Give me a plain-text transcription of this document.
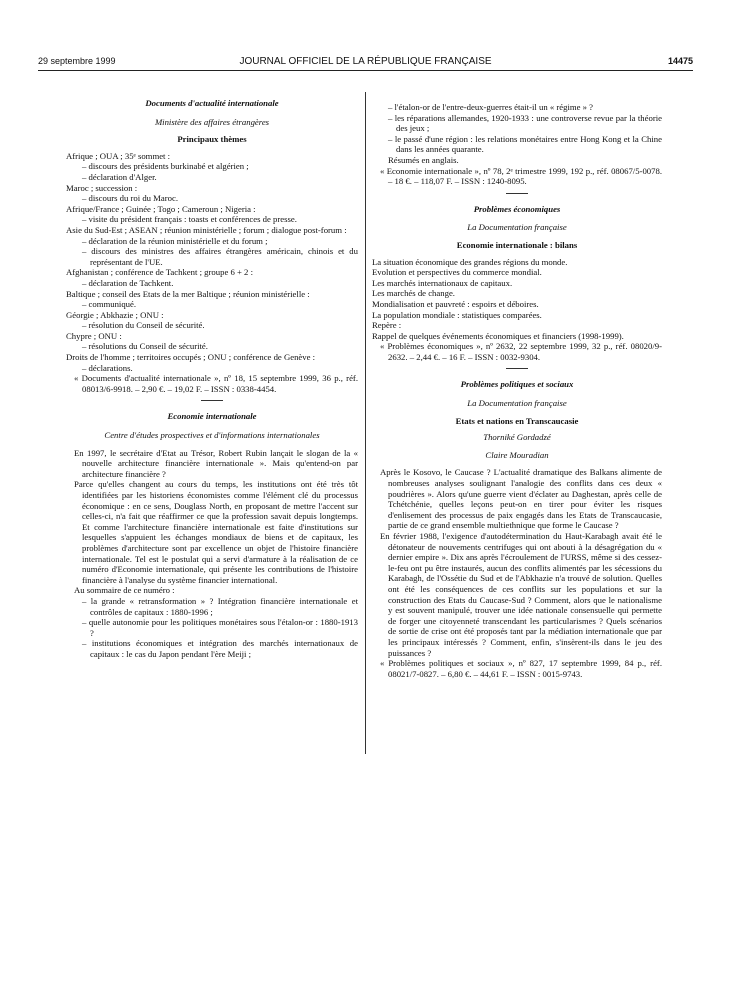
29 septembre 1999	JOURNAL OFFICIEL DE LA RÉPUBLIQUE FRANÇAISE	14475
Documents d'actualité internationale
Ministère des affaires étrangères
Principaux thèmes
Afrique ; OUA ; 35ᵉ sommet :
– discours des présidents burkinabé et algérien ;
– déclaration d'Alger.
Maroc ; succession :
– discours du roi du Maroc.
Afrique/France ; Guinée ; Togo ; Cameroun ; Nigeria :
– visite du président français : toasts et conférences de presse.
Asie du Sud-Est ; ASEAN ; réunion ministérielle ; forum ; dialogue post-forum :
– déclaration de la réunion ministérielle et du forum ;
– discours des ministres des affaires étrangères américain, chinois et du représentant de l'UE.
Afghanistan ; conférence de Tachkent ; groupe 6 + 2 :
– déclaration de Tachkent.
Baltique ; conseil des Etats de la mer Baltique ; réunion ministérielle :
– communiqué.
Géorgie ; Abkhazie ; ONU :
– résolution du Conseil de sécurité.
Chypre ; ONU :
– résolutions du Conseil de sécurité.
Droits de l'homme ; territoires occupés ; ONU ; conférence de Genève :
– déclarations.
« Documents d'actualité internationale », nº 18, 15 septembre 1999, 36 p., réf. 08013/6-9918. – 2,90 €. – 19,02 F. – ISSN : 0338-4454.
Economie internationale
Centre d'études prospectives et d'informations internationales
En 1997, le secrétaire d'Etat au Trésor, Robert Rubin lançait le slogan de la « nouvelle architecture financière internationale ». Mais qu'entend-on par architecture financière ?
Parce qu'elles changent au cours du temps, les institutions ont été très tôt identifiées par les historiens économistes comme l'élément clé du processus économique : en ce sens, Douglass North, en proposant de mettre l'accent sur celles-ci, n'a fait que réaffirmer ce que la profession savait depuis longtemps. Et comme l'architecture financière internationale est faite d'institutions sur lesquelles s'appuient les échanges mondiaux de biens et de capitaux, les problèmes d'architecture sont par excellence un objet de l'histoire financière internationale. Tel est le postulat qui a servi d'armature à la réalisation de ce numéro d'Economie internationale, qui présente les contributions de l'histoire financière à l'analyse du système financier international.
Au sommaire de ce numéro :
– la grande « retransformation » ? Intégration financière internationale et contrôles de capitaux : 1880-1996 ;
– quelle autonomie pour les politiques monétaires sous l'étalon-or : 1880-1913 ?
– institutions économiques et intégration des marchés internationaux de capitaux : le cas du Japon pendant l'ère Meiji ;
– l'étalon-or de l'entre-deux-guerres était-il un « régime » ?
– les réparations allemandes, 1920-1933 : une controverse revue par la théorie des jeux ;
– le passé d'une région : les relations monétaires entre Hong Kong et la Chine dans les années quarante.
Résumés en anglais.
« Economie internationale », nº 78, 2ᵉ trimestre 1999, 192 p., réf. 08067/5-0078. – 18 €. – 118,07 F. – ISSN : 1240-8095.
Problèmes économiques
La Documentation française
Economie internationale : bilans
La situation économique des grandes régions du monde.
Evolution et perspectives du commerce mondial.
Les marchés internationaux de capitaux.
Les marchés de change.
Mondialisation et pauvreté : espoirs et déboires.
La population mondiale : statistiques comparées.
Repère :
Rappel de quelques événements économiques et financiers (1998-1999).
« Problèmes économiques », nº 2632, 22 septembre 1999, 32 p., réf. 08020/9-2632. – 2,44 €. – 16 F. – ISSN : 0032-9304.
Problèmes politiques et sociaux
La Documentation française
Etats et nations en Transcaucasie
Thorniké Gordadzé
Claire Mouradian
Après le Kosovo, le Caucase ? L'actualité dramatique des Balkans alimente de nombreuses analyses soulignant l'analogie des conflits dans ces deux « poudrières ». Alors qu'une guerre vient d'éclater au Daghestan, après celle de Tchétchénie, quelles leçons peut-on en tirer pour éviter les risques d'enlisement des processus de paix engagés dans les Etats de Transcaucasie, partie de ce grand ensemble multiethnique que forme le Caucase ?
En février 1988, l'exigence d'autodétermination du Haut-Karabagh avait été le détonateur de nouvements centrifuges qui ont abouti à la désagrégation du « dernier empire ». Dix ans après l'écroulement de l'URSS, même si des cessez-le-feu ont pu être instaurés, aucun des conflits alimentés par les sécessions du Karabagh, de l'Ossétie du Sud et de l'Abkhazie n'a trouvé de solution. Quelles ont été les conséquences de ces conflits sur les populations et sur la construction des Etats du Caucase-Sud ? Comment, alors que le nationalisme y est souvent manipulé, trouver une idée nationale consensuelle qui permette de forger une citoyenneté transcendant les particularismes ? Quels scénarios de sortie de crise ont été proposés tant par la médiation internationale que par les principaux intéressés ? Comment, enfin, s'insèrent-ils dans le jeu des puissances ?
« Problèmes politiques et sociaux », nº 827, 17 septembre 1999, 84 p., réf. 08021/7-0827. – 6,80 €. – 44,61 F. – ISSN : 0015-9743.
